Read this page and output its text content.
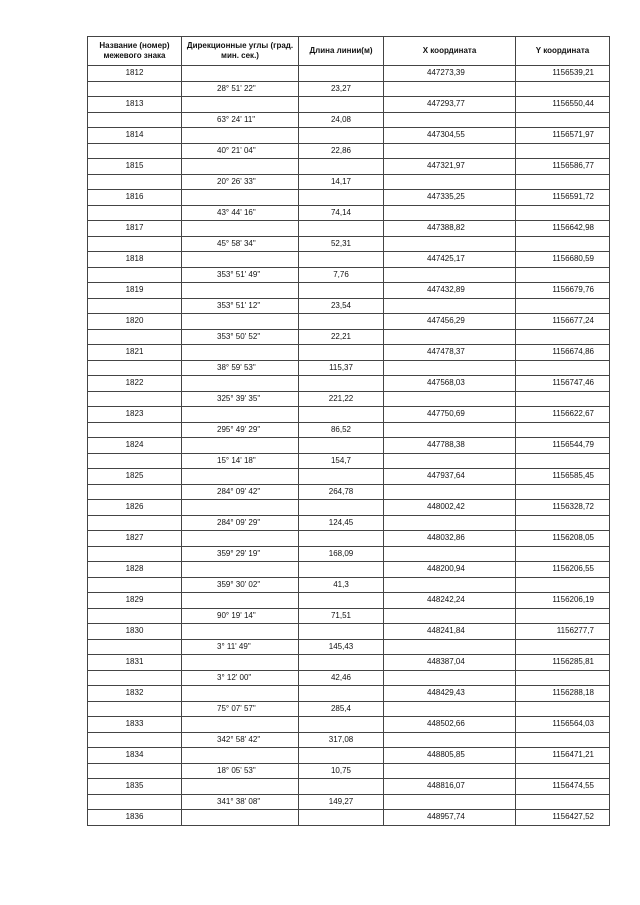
Название (номер) межевого знака	Дирекционные углы (град. мин. сек.)	Длина линии(м)	X координата	Y координата
1812			447273,39	1156539,21
	28° 51' 22"	23,27		
1813			447293,77	1156550,44
	63° 24' 11"	24,08		
1814			447304,55	1156571,97
	40° 21' 04"	22,86		
1815			447321,97	1156586,77
	20° 26' 33"	14,17		
1816			447335,25	1156591,72
	43° 44' 16"	74,14		
1817			447388,82	1156642,98
	45° 58' 34"	52,31		
1818			447425,17	1156680,59
	353° 51' 49"	7,76		
1819			447432,89	1156679,76
	353° 51' 12"	23,54		
1820			447456,29	1156677,24
	353° 50' 52"	22,21		
1821			447478,37	1156674,86
	38° 59' 53"	115,37		
1822			447568,03	1156747,46
	325° 39' 35"	221,22		
1823			447750,69	1156622,67
	295° 49' 29"	86,52		
1824			447788,38	1156544,79
	15° 14' 18"	154,7		
1825			447937,64	1156585,45
	284° 09' 42"	264,78		
1826			448002,42	1156328,72
	284° 09' 29"	124,45		
1827			448032,86	1156208,05
	359° 29' 19"	168,09		
1828			448200,94	1156206,55
	359° 30' 02"	41,3		
1829			448242,24	1156206,19
	90° 19' 14"	71,51		
1830			448241,84	1156277,7
	3° 11' 49"	145,43		
1831			448387,04	1156285,81
	3° 12' 00"	42,46		
1832			448429,43	1156288,18
	75° 07' 57"	285,4		
1833			448502,66	1156564,03
	342° 58' 42"	317,08		
1834			448805,85	1156471,21
	18° 05' 53"	10,75		
1835			448816,07	1156474,55
	341° 38' 08"	149,27		
1836			448957,74	1156427,52
